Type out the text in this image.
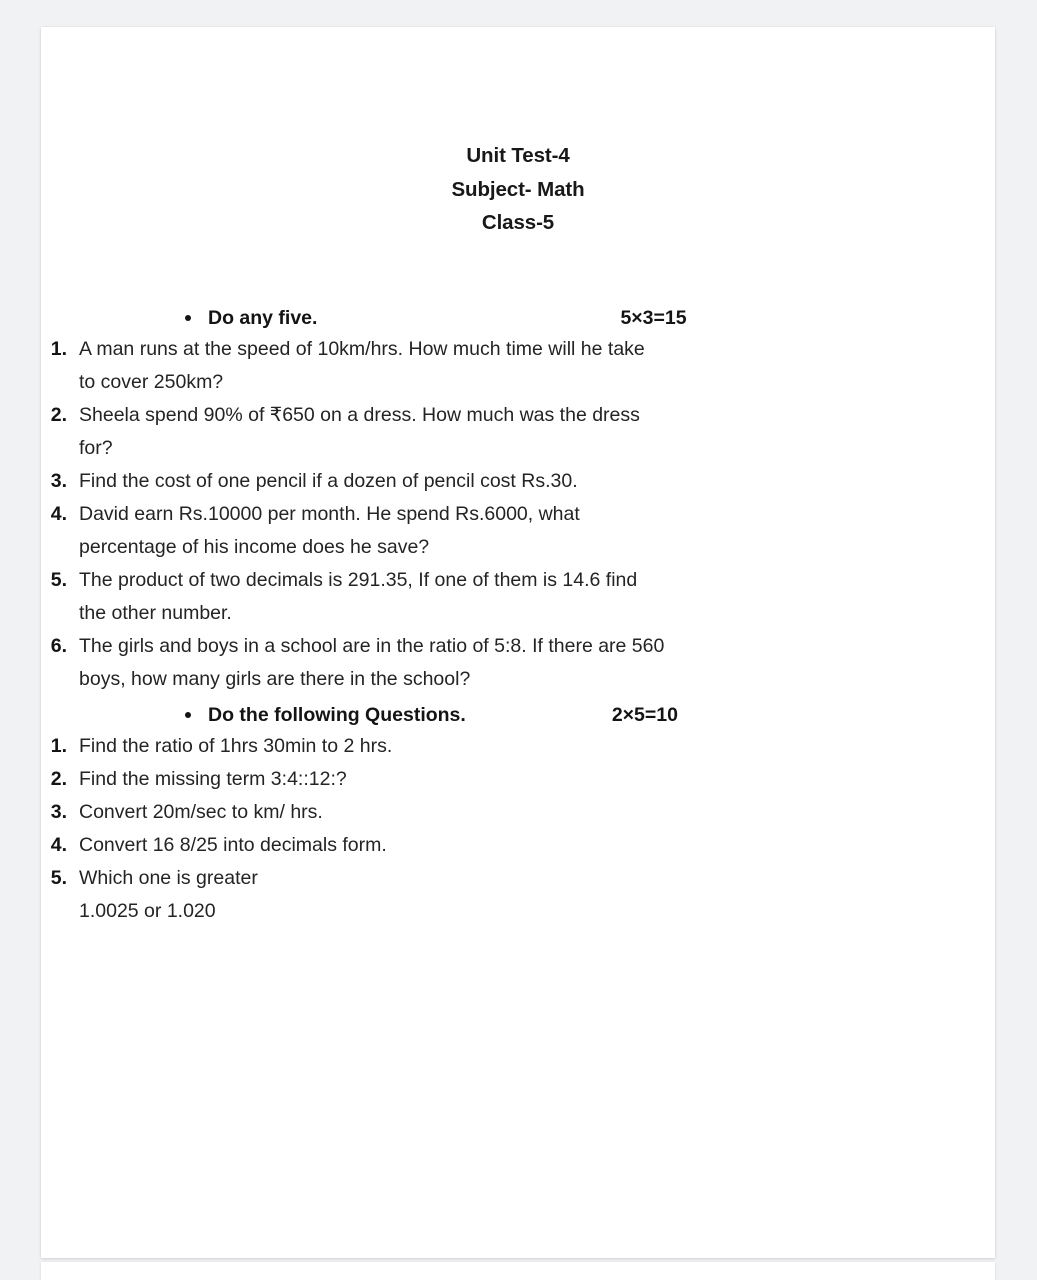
Unit Test-4
Subject- Math
Class-5
Do any five.	5×3=15
1. A man runs at the speed of 10km/hrs. How much time will he take to cover 250km?
2. Sheela spend 90% of ₹650 on a dress. How much was the dress for?
3. Find the cost of one pencil if a dozen of pencil cost Rs.30.
4. David earn Rs.10000 per month. He spend Rs.6000, what percentage of his income does he save?
5. The product of two decimals is 291.35, If one of them is 14.6 find the other number.
6. The girls and boys in a school are in the ratio of 5:8. If there are 560 boys, how many girls are there in the school?
Do the following Questions.	2×5=10
1. Find the ratio of 1hrs 30min to 2 hrs.
2. Find the missing term 3:4::12:?
3. Convert 20m/sec to km/ hrs.
4. Convert 16 8/25 into decimals form.
5. Which one is greater
1.0025 or 1.020
